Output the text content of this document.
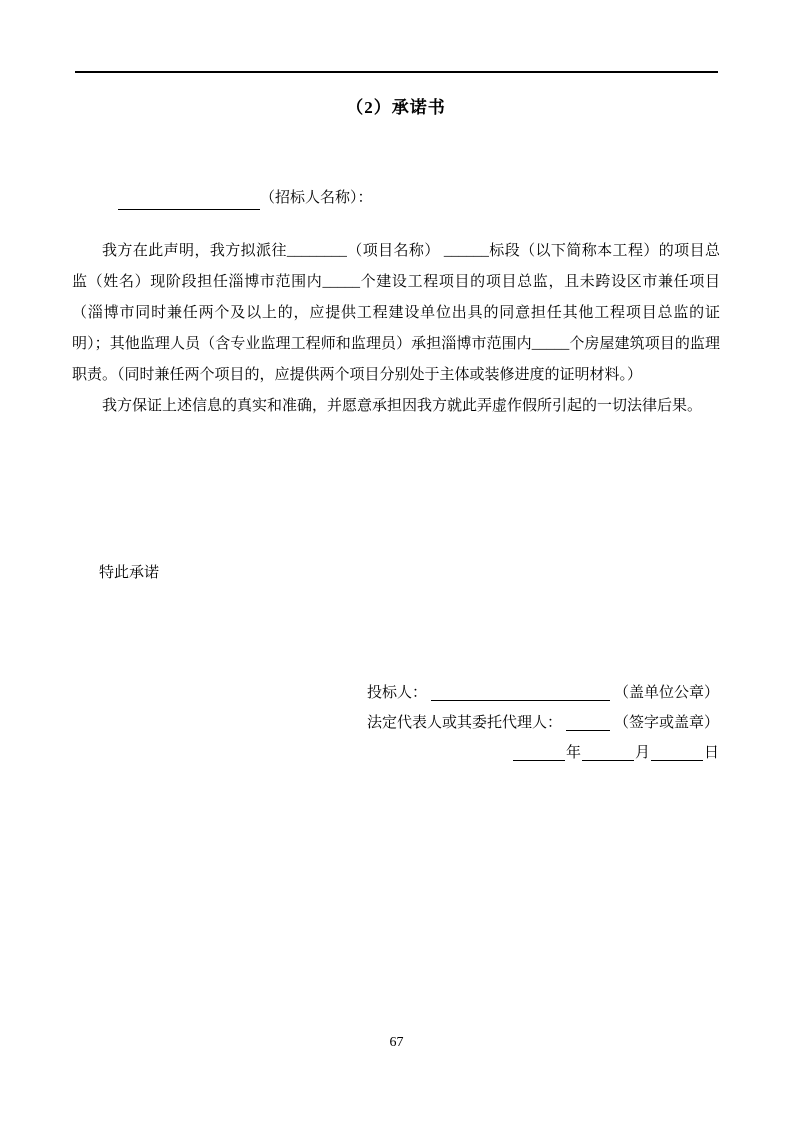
（2）承诺书
（招标人名称）：

我方在此声明，我方拟派往________（项目名称） ______标段（以下简称本工程）的项目总监（姓名）现阶段担任淄博市范围内_____个建设工程项目的项目总监，且未跨设区市兼任项目（淄博市同时兼任两个及以上的，应提供工程建设单位出具的同意担任其他工程项目总监的证明）；其他监理人员（含专业监理工程师和监理员）承担淄博市范围内_____个房屋建筑项目的监理职责。（同时兼任两个项目的，应提供两个项目分别处于主体或装修进度的证明材料。）

我方保证上述信息的真实和准确，并愿意承担因我方就此弄虚作假所引起的一切法律后果。

特此承诺
投标人：	（盖单位公章）
法定代表人或其委托代理人：	（签字或盖章）
年	月	日
67
